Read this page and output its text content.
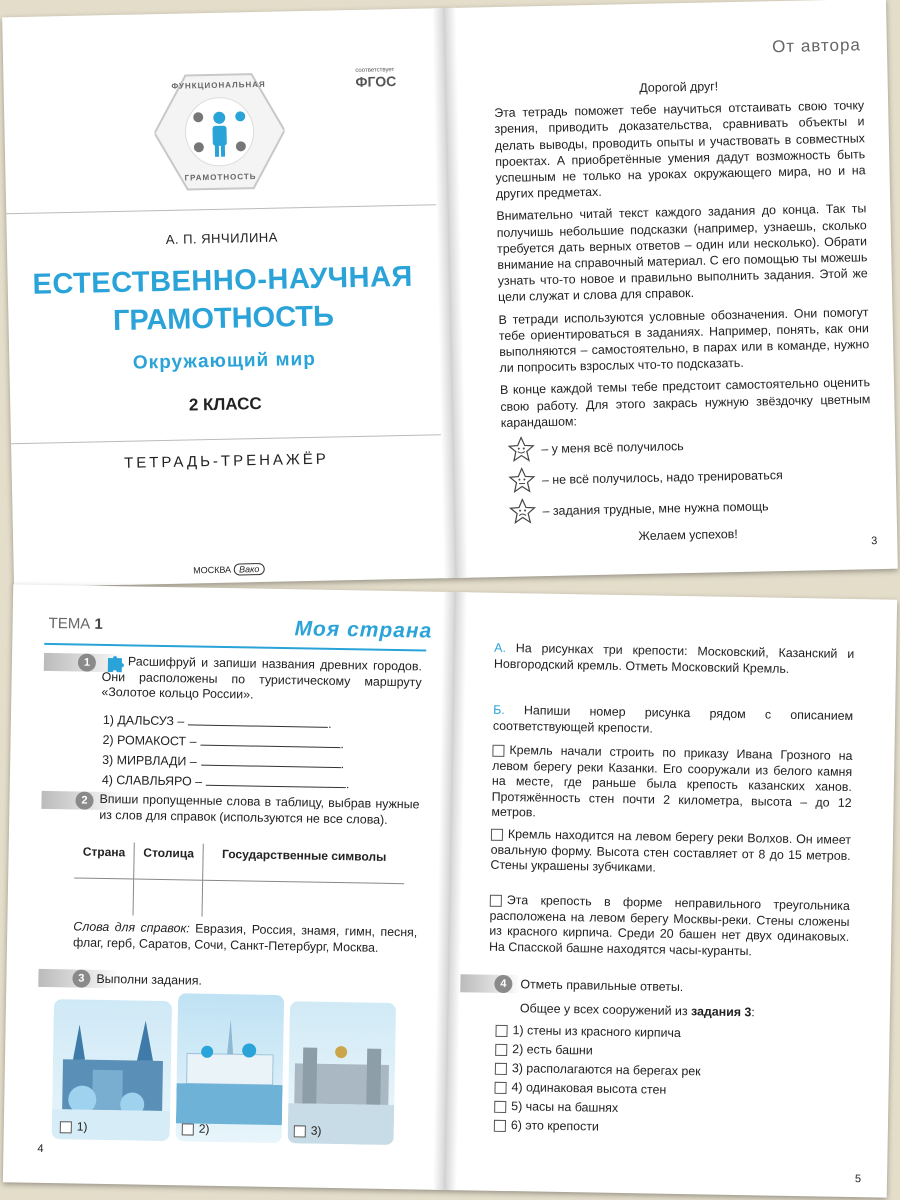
ФУНКЦИОНАЛЬНАЯ
ГРАМОТНОСТЬ
соответствует
ФГОС
А. П. ЯНЧИЛИНА
ЕСТЕСТВЕННО-НАУЧНАЯ
ГРАМОТНОСТЬ
Окружающий мир
2 КЛАСС
ТЕТРАДЬ-ТРЕНАЖЁР
МОСКВА Вако
От автора

Дорогой друг!

Эта тетрадь поможет тебе научиться отстаивать свою точку зрения, приводить доказательства, сравнивать объекты и делать выводы, проводить опыты и участвовать в совместных проектах. А приобретённые умения дадут возможность быть успешным не только на уроках окружающего мира, но и на других предметах.

Внимательно читай текст каждого задания до конца. Так ты получишь небольшие подсказки (например, узнаешь, сколько требуется дать верных ответов – один или несколько). Обрати внимание на справочный материал. С его помощью ты можешь узнать что-то новое и правильно выполнить задания. Этой же цели служат и слова для справок.

В тетради используются условные обозначения. Они помогут тебе ориентироваться в заданиях. Например, понять, как они выполняются – самостоятельно, в парах или в команде, нужно ли попросить взрослых что-то подсказать.

В конце каждой темы тебе предстоит самостоятельно оценить свою работу. Для этого закрась нужную звёздочку цветным карандашом:

– у меня всё получилось
– не всё получилось, надо тренироваться
– задания трудные, мне нужна помощь
Желаем успехов!	3
ТЕМА 1	Моя страна
1	Расшифруй и запиши названия древних городов. Они расположены по туристическому маршруту «Золотое кольцо России».
1) ДАЛЬСУЗ –	.
2) РОМАКОСТ –	.
3) МИРВЛАДИ –	.
4) СЛАВЛЬЯРО –	.
2 Впиши пропущенные слова в таблицу, выбрав нужные из слов для справок (используются не все слова).
Страна	Столица	Государственные символы

Слова для справок: Евразия, Россия, знамя, гимн, песня, флаг, герб, Саратов, Сочи, Санкт-Петербург, Москва.
3 Выполни задания.
1)	2)	3)
4
А. На рисунках три крепости: Московский, Казанский и Новгородский кремль. Отметь Московский Кремль.
Б. Напиши номер рисунка рядом с описанием соответствующей крепости.
Кремль начали строить по приказу Ивана Грозного на левом берегу реки Казанки. Его сооружали из белого камня на месте, где раньше была крепость казанских ханов. Протяжённость стен почти 2 километра, высота – до 12 метров.
Кремль находится на левом берегу реки Волхов. Он имеет овальную форму. Высота стен составляет от 8 до 15 метров. Стены украшены зубчиками.
Эта крепость в форме неправильного треугольника расположена на левом берегу Москвы-реки. Стены сложены из красного кирпича. Среди 20 башен нет двух одинаковых. На Спасской башне находятся часы-куранты.
4	Отметь правильные ответы.
Общее у всех сооружений из задания 3:
1) стены из красного кирпича
2) есть башни
3) располагаются на берегах рек
4) одинаковая высота стен
5) часы на башнях
6) это крепости
5
